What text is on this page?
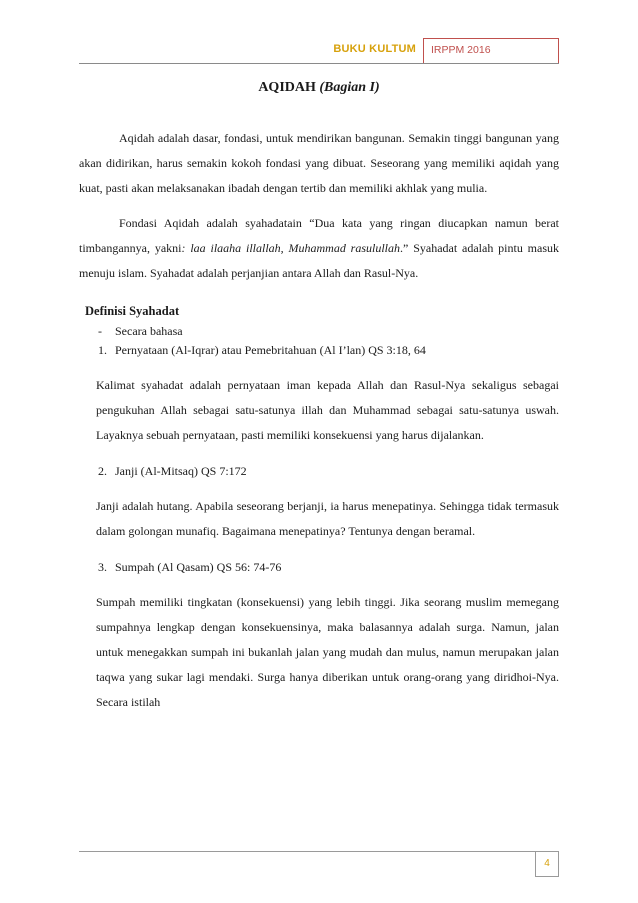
BUKU KULTUM IRPPM 2016
AQIDAH (Bagian I)

Aqidah adalah dasar, fondasi, untuk mendirikan bangunan. Semakin tinggi bangunan yang akan didirikan, harus semakin kokoh fondasi yang dibuat. Seseorang yang memiliki aqidah yang kuat, pasti akan melaksanakan ibadah dengan tertib dan memiliki akhlak yang mulia.

Fondasi Aqidah adalah syahadatain “Dua kata yang ringan diucapkan namun berat timbangannya, yakni: laa ilaaha illallah, Muhammad rasulullah.” Syahadat adalah pintu masuk menuju islam. Syahadat adalah perjanjian antara Allah dan Rasul-Nya.

Definisi Syahadat
- Secara bahasa
1. Pernyataan (Al-Iqrar) atau Pemebritahuan (Al I’lan) QS 3:18, 64

Kalimat syahadat adalah pernyataan iman kepada Allah dan Rasul-Nya sekaligus sebagai pengukuhan Allah sebagai satu-satunya illah dan Muhammad sebagai satu-satunya uswah. Layaknya sebuah pernyataan, pasti memiliki konsekuensi yang harus dijalankan.

2. Janji (Al-Mitsaq) QS 7:172

Janji adalah hutang. Apabila seseorang berjanji, ia harus menepatinya. Sehingga tidak termasuk dalam golongan munafiq. Bagaimana menepatinya? Tentunya dengan beramal.

3. Sumpah (Al Qasam) QS 56: 74-76

Sumpah memiliki tingkatan (konsekuensi) yang lebih tinggi. Jika seorang muslim memegang sumpahnya lengkap dengan konsekuensinya, maka balasannya adalah surga. Namun, jalan untuk menegakkan sumpah ini bukanlah jalan yang mudah dan mulus, namun merupakan jalan taqwa yang sukar lagi mendaki. Surga hanya diberikan untuk orang-orang yang diridhoi-Nya. Secara istilah

4
